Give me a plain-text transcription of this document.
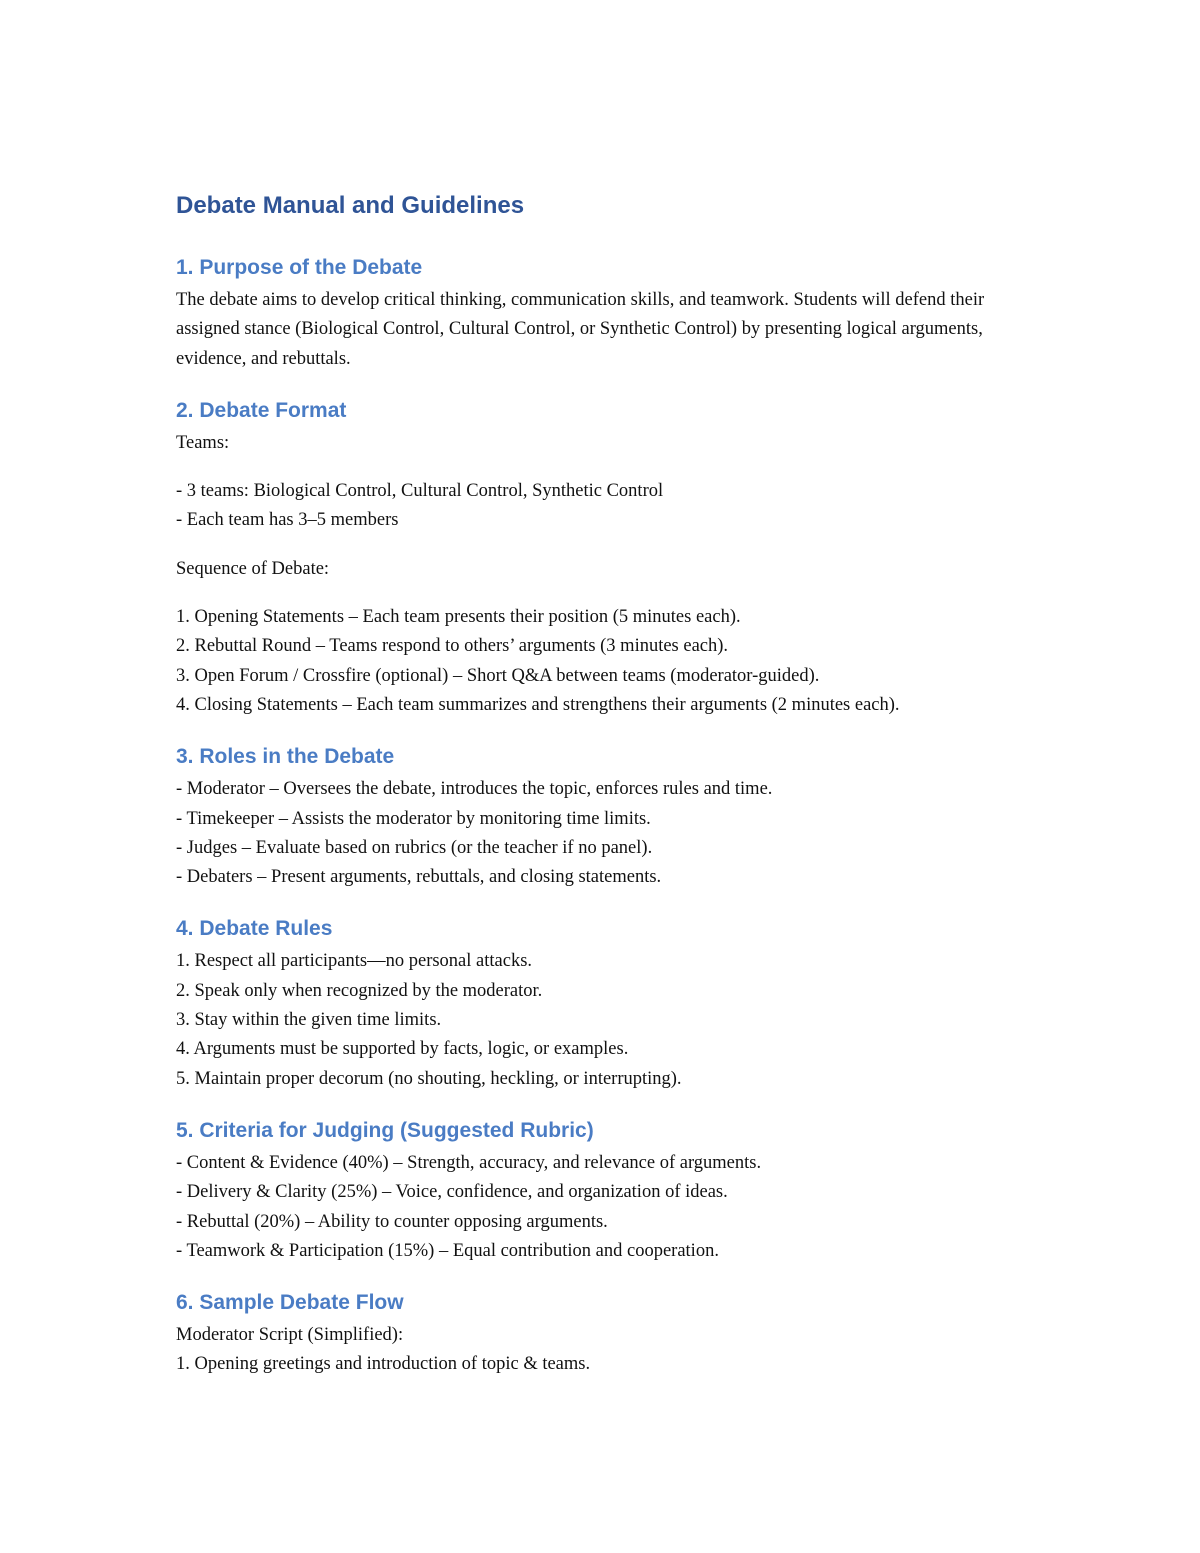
Debate Manual and Guidelines
1. Purpose of the Debate

The debate aims to develop critical thinking, communication skills, and teamwork. Students will defend their assigned stance (Biological Control, Cultural Control, or Synthetic Control) by presenting logical arguments, evidence, and rebuttals.

2. Debate Format

Teams:

- 3 teams: Biological Control, Cultural Control, Synthetic Control

- Each team has 3–5 members

Sequence of Debate:

1. Opening Statements – Each team presents their position (5 minutes each).

2. Rebuttal Round – Teams respond to others’ arguments (3 minutes each).

3. Open Forum / Crossfire (optional) – Short Q&A between teams (moderator-guided).

4. Closing Statements – Each team summarizes and strengthens their arguments (2 minutes each).

3. Roles in the Debate

- Moderator – Oversees the debate, introduces the topic, enforces rules and time.

- Timekeeper – Assists the moderator by monitoring time limits.

- Judges – Evaluate based on rubrics (or the teacher if no panel).

- Debaters – Present arguments, rebuttals, and closing statements.

4. Debate Rules

1. Respect all participants—no personal attacks.

2. Speak only when recognized by the moderator.

3. Stay within the given time limits.

4. Arguments must be supported by facts, logic, or examples.

5. Maintain proper decorum (no shouting, heckling, or interrupting).

5. Criteria for Judging (Suggested Rubric)

- Content & Evidence (40%) – Strength, accuracy, and relevance of arguments.

- Delivery & Clarity (25%) – Voice, confidence, and organization of ideas.

- Rebuttal (20%) – Ability to counter opposing arguments.

- Teamwork & Participation (15%) – Equal contribution and cooperation.

6. Sample Debate Flow

Moderator Script (Simplified):

1. Opening greetings and introduction of topic & teams.
